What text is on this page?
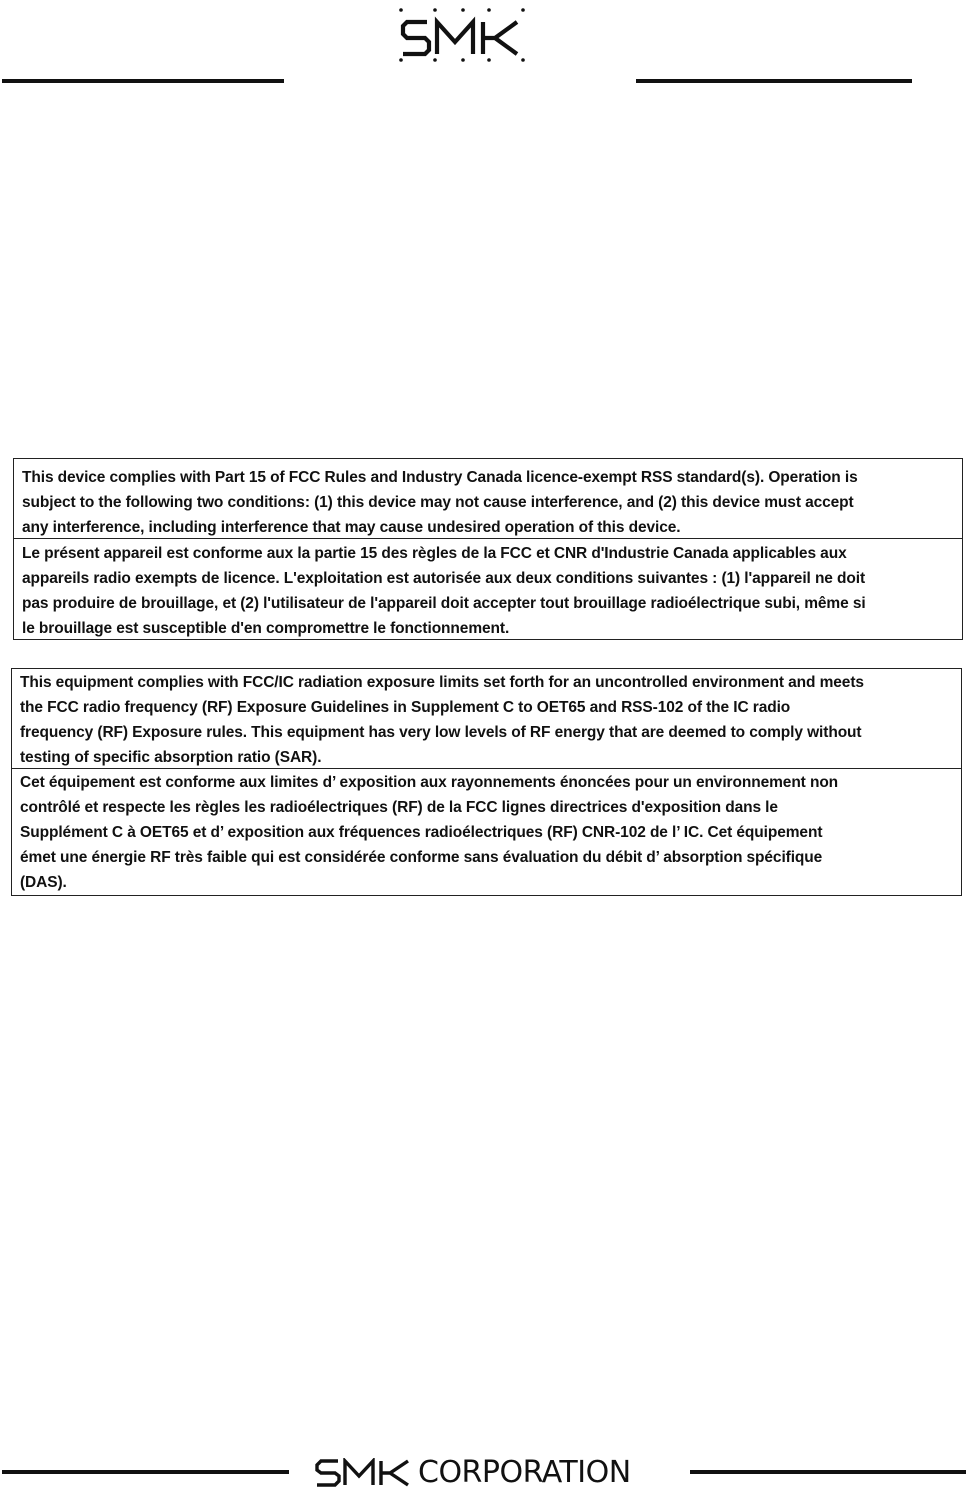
This device complies with Part 15 of FCC Rules and Industry Canada licence-exempt RSS standard(s). Operation is
subject to the following two conditions: (1) this device may not cause interference, and (2) this device must accept
any interference, including interference that may cause undesired operation of this device.
Le présent appareil est conforme aux la partie 15 des règles de la FCC et CNR d'Industrie Canada applicables aux
appareils radio exempts de licence. L'exploitation est autorisée aux deux conditions suivantes : (1) l'appareil ne doit
pas produire de brouillage, et (2) l'utilisateur de l'appareil doit accepter tout brouillage radioélectrique subi, même si
le brouillage est susceptible d'en compromettre le fonctionnement.
This equipment complies with FCC/IC radiation exposure limits set forth for an uncontrolled environment and meets
the FCC radio frequency (RF) Exposure Guidelines in Supplement C to OET65 and RSS-102 of the IC radio
frequency (RF) Exposure rules. This equipment has very low levels of RF energy that are deemed to comply without
testing of specific absorption ratio (SAR).
Cet équipement est conforme aux limites d’ exposition aux rayonnements énoncées pour un environnement non
contrôlé et respecte les règles les radioélectriques (RF) de la FCC lignes directrices d'exposition dans le
Supplément C à OET65 et d’ exposition aux fréquences radioélectriques (RF) CNR-102 de l’ IC. Cet équipement
émet une énergie RF très faible qui est considérée conforme sans évaluation du débit d’ absorption spécifique
(DAS).
CORPORATION
